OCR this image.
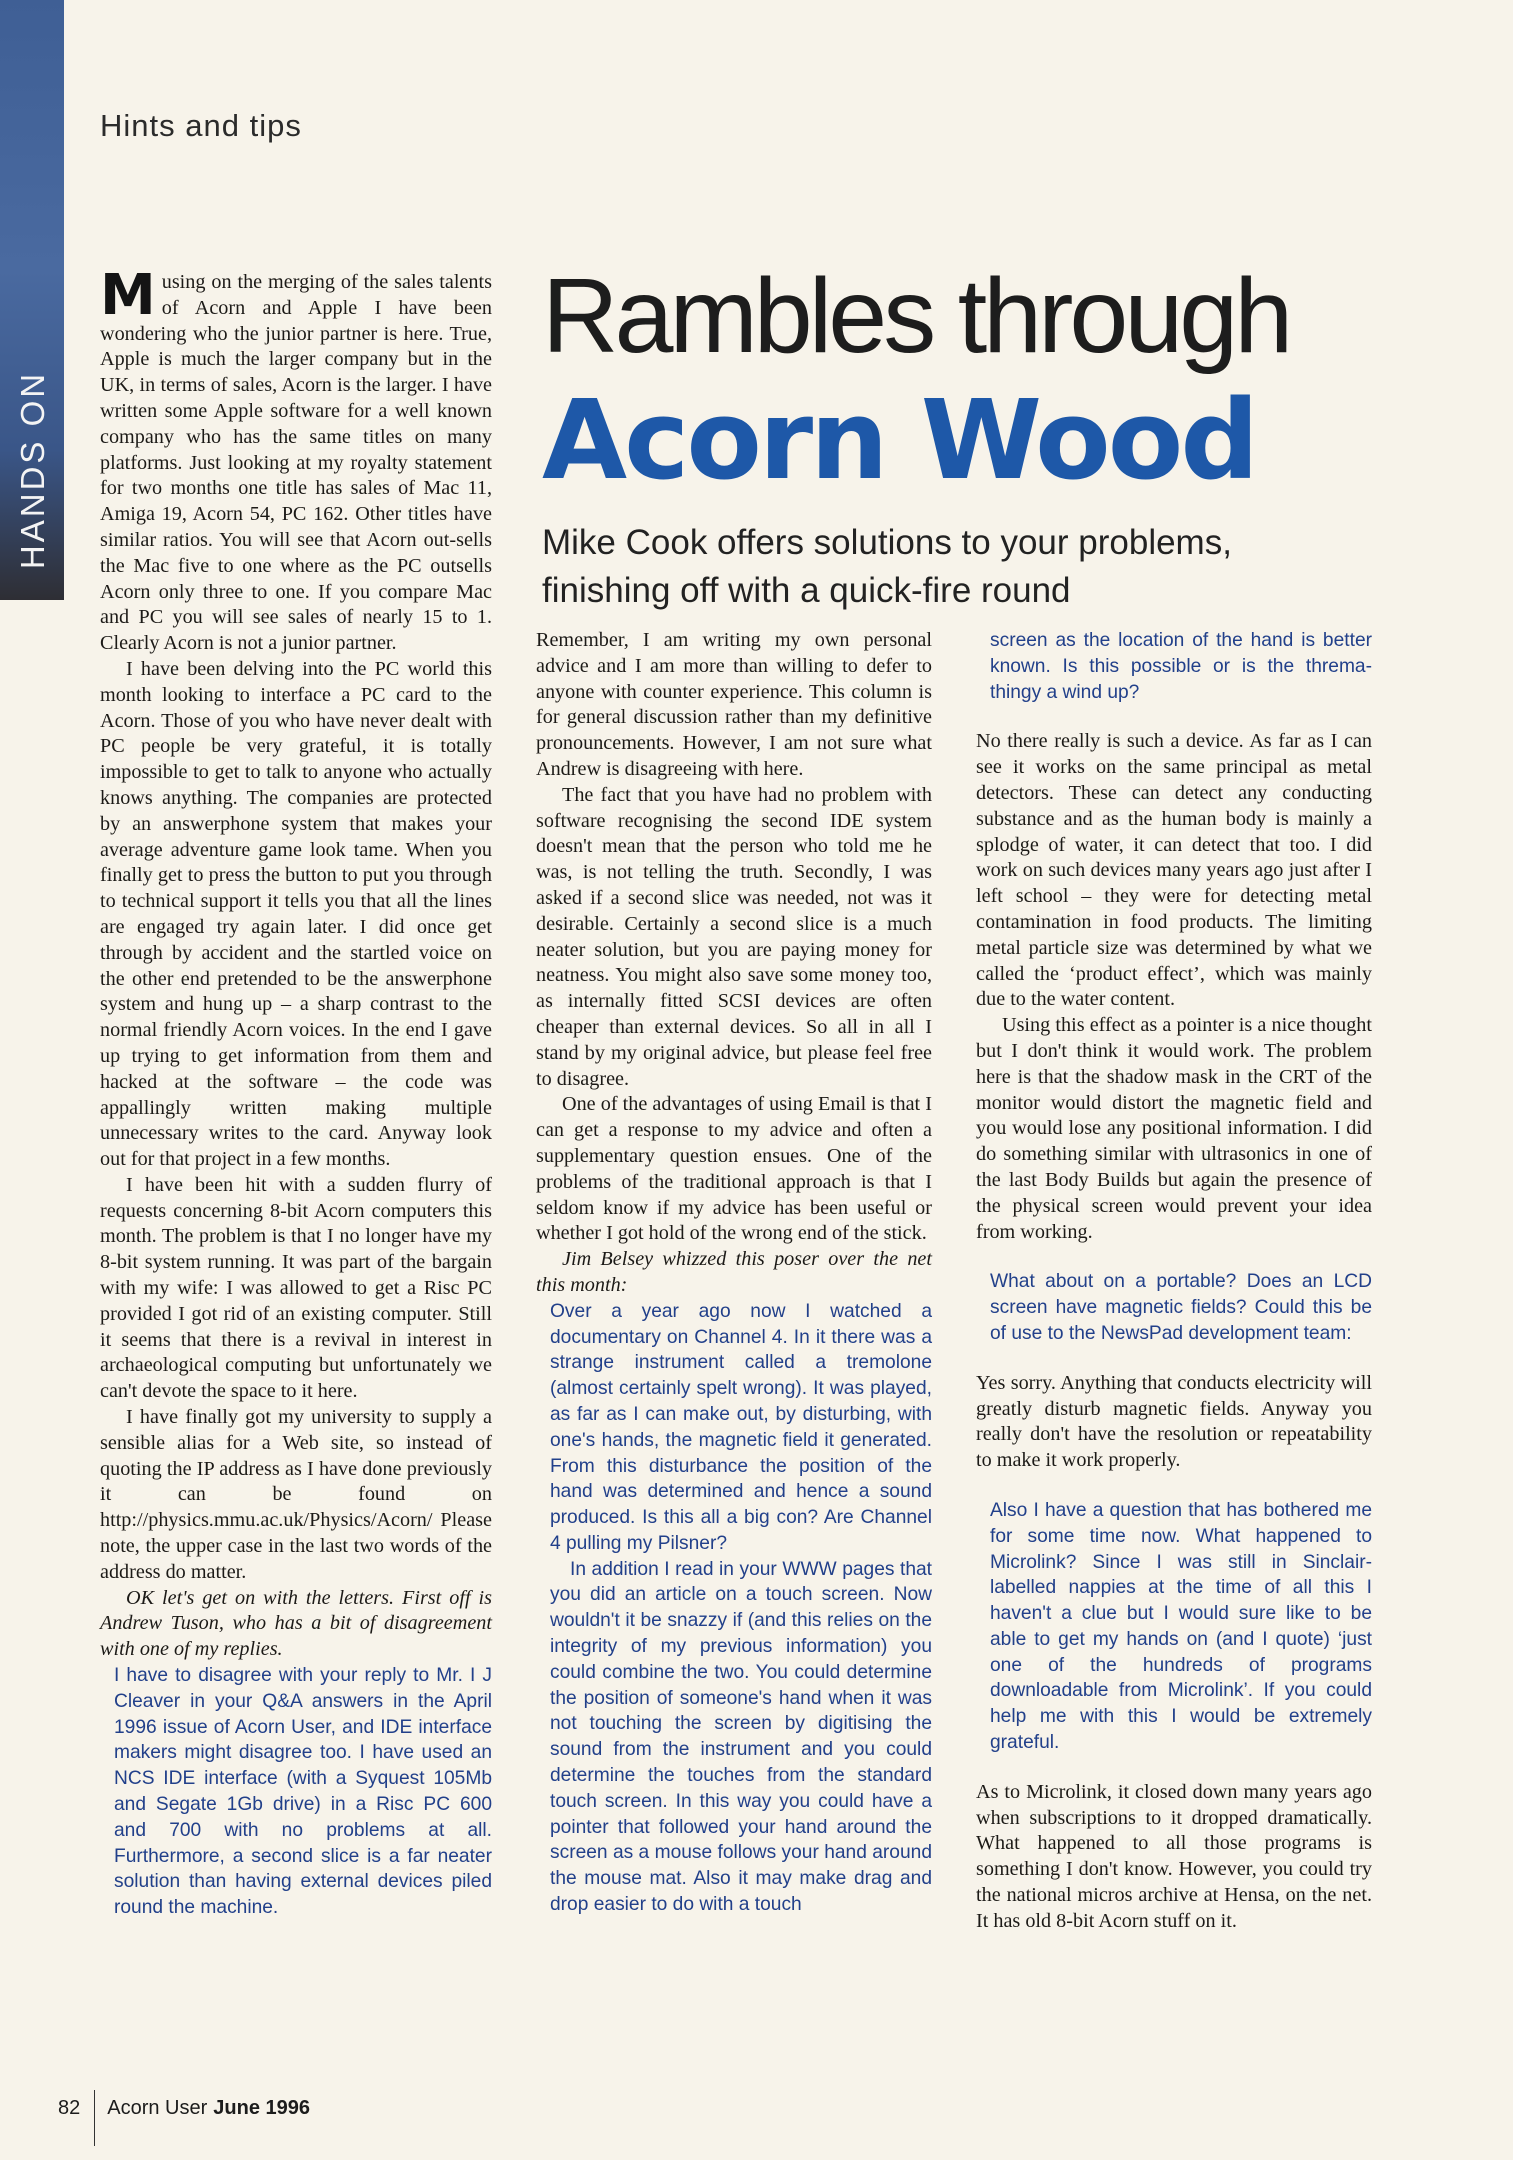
HANDS ON
Hints and tips
Rambles through
Acorn Wood
Mike Cook offers solutions to your problems,
finishing off with a quick-fire round

Musing on the merging of the sales talents of Acorn and Apple I have been wondering who the junior partner is here. True, Apple is much the larger company but in the UK, in terms of sales, Acorn is the larger. I have written some Apple software for a well known company who has the same titles on many platforms. Just looking at my royalty statement for two months one title has sales of Mac 11, Amiga 19, Acorn 54, PC 162. Other titles have similar ratios. You will see that Acorn out-sells the Mac five to one where as the PC outsells Acorn only three to one. If you compare Mac and PC you will see sales of nearly 15 to 1. Clearly Acorn is not a junior partner.

I have been delving into the PC world this month looking to interface a PC card to the Acorn. Those of you who have never dealt with PC people be very grateful, it is totally impossible to get to talk to anyone who actually knows anything. The companies are protected by an answerphone system that makes your average adventure game look tame. When you finally get to press the button to put you through to technical support it tells you that all the lines are engaged try again later. I did once get through by accident and the startled voice on the other end pretended to be the answerphone system and hung up – a sharp contrast to the normal friendly Acorn voices. In the end I gave up trying to get information from them and hacked at the software – the code was appallingly written making multiple unnecessary writes to the card. Anyway look out for that project in a few months.

I have been hit with a sudden flurry of requests concerning 8-bit Acorn computers this month. The problem is that I no longer have my 8-bit system running. It was part of the bargain with my wife: I was allowed to get a Risc PC provided I got rid of an existing computer. Still it seems that there is a revival in interest in archaeological computing but unfortunately we can't devote the space to it here.

I have finally got my university to supply a sensible alias for a Web site, so instead of quoting the IP address as I have done previously it can be found on http://physics.mmu.ac.uk/Physics/Acorn/ Please note, the upper case in the last two words of the address do matter.

OK let's get on with the letters. First off is Andrew Tuson, who has a bit of disagreement with one of my replies.

I have to disagree with your reply to Mr. I J Cleaver in your Q&A answers in the April 1996 issue of Acorn User, and IDE interface makers might disagree too. I have used an NCS IDE interface (with a Syquest 105Mb and Segate 1Gb drive) in a Risc PC 600 and 700 with no problems at all. Furthermore, a second slice is a far neater solution than having external devices piled round the machine.

Remember, I am writing my own personal advice and I am more than willing to defer to anyone with counter experience. This column is for general discussion rather than my definitive pronouncements. However, I am not sure what Andrew is disagreeing with here.

The fact that you have had no problem with software recognising the second IDE system doesn't mean that the person who told me he was, is not telling the truth. Secondly, I was asked if a second slice was needed, not was it desirable. Certainly a second slice is a much neater solution, but you are paying money for neatness. You might also save some money too, as internally fitted SCSI devices are often cheaper than external devices. So all in all I stand by my original advice, but please feel free to disagree.

One of the advantages of using Email is that I can get a response to my advice and often a supplementary question ensues. One of the problems of the traditional approach is that I seldom know if my advice has been useful or whether I got hold of the wrong end of the stick.

Jim Belsey whizzed this poser over the net this month:

Over a year ago now I watched a documentary on Channel 4. In it there was a strange instrument called a tremolone (almost certainly spelt wrong). It was played, as far as I can make out, by disturbing, with one's hands, the magnetic field it generated. From this disturbance the position of the hand was determined and hence a sound produced. Is this all a big con? Are Channel 4 pulling my Pilsner?

In addition I read in your WWW pages that you did an article on a touch screen. Now wouldn't it be snazzy if (and this relies on the integrity of my previous information) you could combine the two. You could determine the position of someone's hand when it was not touching the screen by digitising the sound from the instrument and you could determine the touches from the standard touch screen. In this way you could have a pointer that followed your hand around the screen as a mouse follows your hand around the mouse mat. Also it may make drag and drop easier to do with a touch

screen as the location of the hand is better known. Is this possible or is the threma-thingy a wind up?

No there really is such a device. As far as I can see it works on the same principal as metal detectors. These can detect any conducting substance and as the human body is mainly a splodge of water, it can detect that too. I did work on such devices many years ago just after I left school – they were for detecting metal contamination in food products. The limiting metal particle size was determined by what we called the ‘product effect’, which was mainly due to the water content.

Using this effect as a pointer is a nice thought but I don't think it would work. The problem here is that the shadow mask in the CRT of the monitor would distort the magnetic field and you would lose any positional information. I did do something similar with ultrasonics in one of the last Body Builds but again the presence of the physical screen would prevent your idea from working.

What about on a portable? Does an LCD screen have magnetic fields? Could this be of use to the NewsPad development team:

Yes sorry. Anything that conducts electricity will greatly disturb magnetic fields. Anyway you really don't have the resolution or repeatability to make it work properly.

Also I have a question that has bothered me for some time now. What happened to Microlink? Since I was still in Sinclair-labelled nappies at the time of all this I haven't a clue but I would sure like to be able to get my hands on (and I quote) ‘just one of the hundreds of programs downloadable from Microlink’. If you could help me with this I would be extremely grateful.

As to Microlink, it closed down many years ago when subscriptions to it dropped dramatically. What happened to all those programs is something I don't know. However, you could try the national micros archive at Hensa, on the net. It has old 8-bit Acorn stuff on it.

82 Acorn User June 1996
